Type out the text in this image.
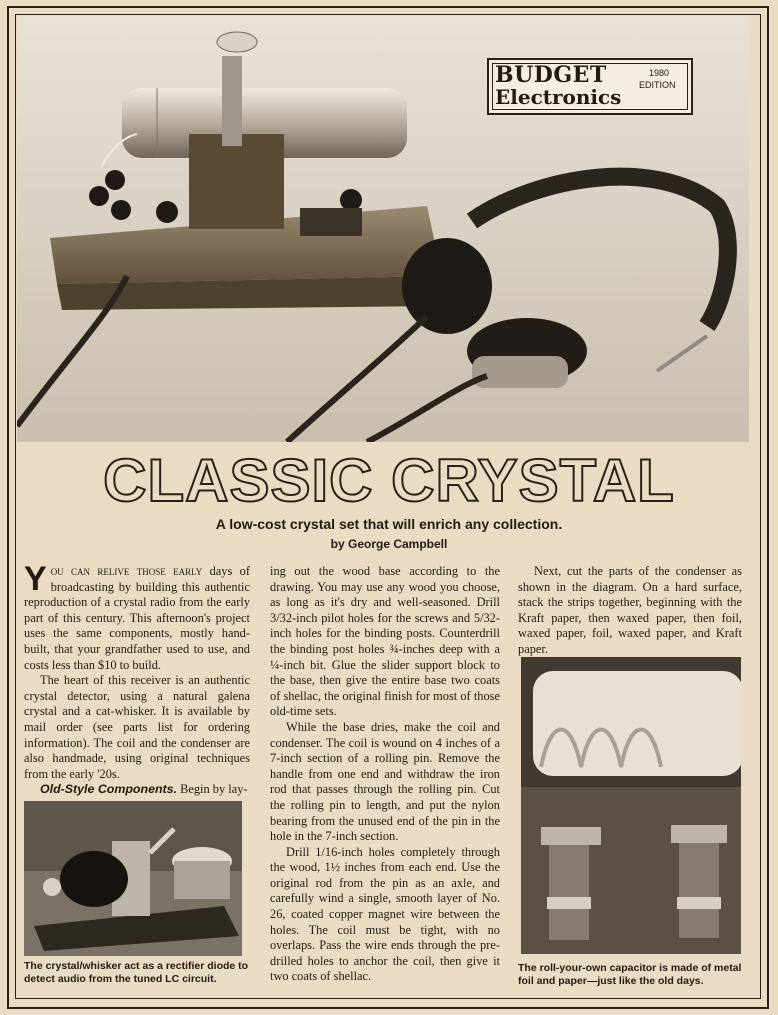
BUDGET
Electronics
1980
EDITION
CLASSIC CRYSTAL
A low-cost crystal set that will enrich any collection.
by George Campbell

You can relive those early days of broadcasting by building this authentic reproduction of a crystal radio from the early part of this century. This afternoon's project uses the same components, mostly hand-built, that your grandfather used to use, and costs less than $10 to build.

The heart of this receiver is an authentic crystal detector, using a natural galena crystal and a cat-whisker. It is available by mail order (see parts list for ordering information). The coil and the condenser are also handmade, using original techniques from the early '20s.

Old-Style Components. Begin by lay-

ing out the wood base according to the drawing. You may use any wood you choose, as long as it's dry and well-seasoned. Drill 3/32-inch pilot holes for the screws and 5/32-inch holes for the binding posts. Counterdrill the binding post holes ¾-inches deep with a ¼-inch bit. Glue the slider support block to the base, then give the entire base two coats of shellac, the original finish for most of those old-time sets.

While the base dries, make the coil and condenser. The coil is wound on 4 inches of a 7-inch section of a rolling pin. Remove the handle from one end and withdraw the iron rod that passes through the rolling pin. Cut the rolling pin to length, and put the nylon bearing from the unused end of the pin in the hole in the 7-inch section.

Drill 1/16-inch holes completely through the wood, 1½ inches from each end. Use the original rod from the pin as an axle, and carefully wind a single, smooth layer of No. 26, coated copper magnet wire between the holes. The coil must be tight, with no overlaps. Pass the wire ends through the pre-drilled holes to anchor the coil, then give it two coats of shellac.

Next, cut the parts of the condenser as shown in the diagram. On a hard surface, stack the strips together, beginning with the Kraft paper, then waxed paper, then foil, waxed paper, foil, waxed paper, and Kraft paper.

The crystal/whisker act as a rectifier diode to detect audio from the tuned LC circuit.
The roll-your-own capacitor is made of metal foil and paper—just like the old days.
